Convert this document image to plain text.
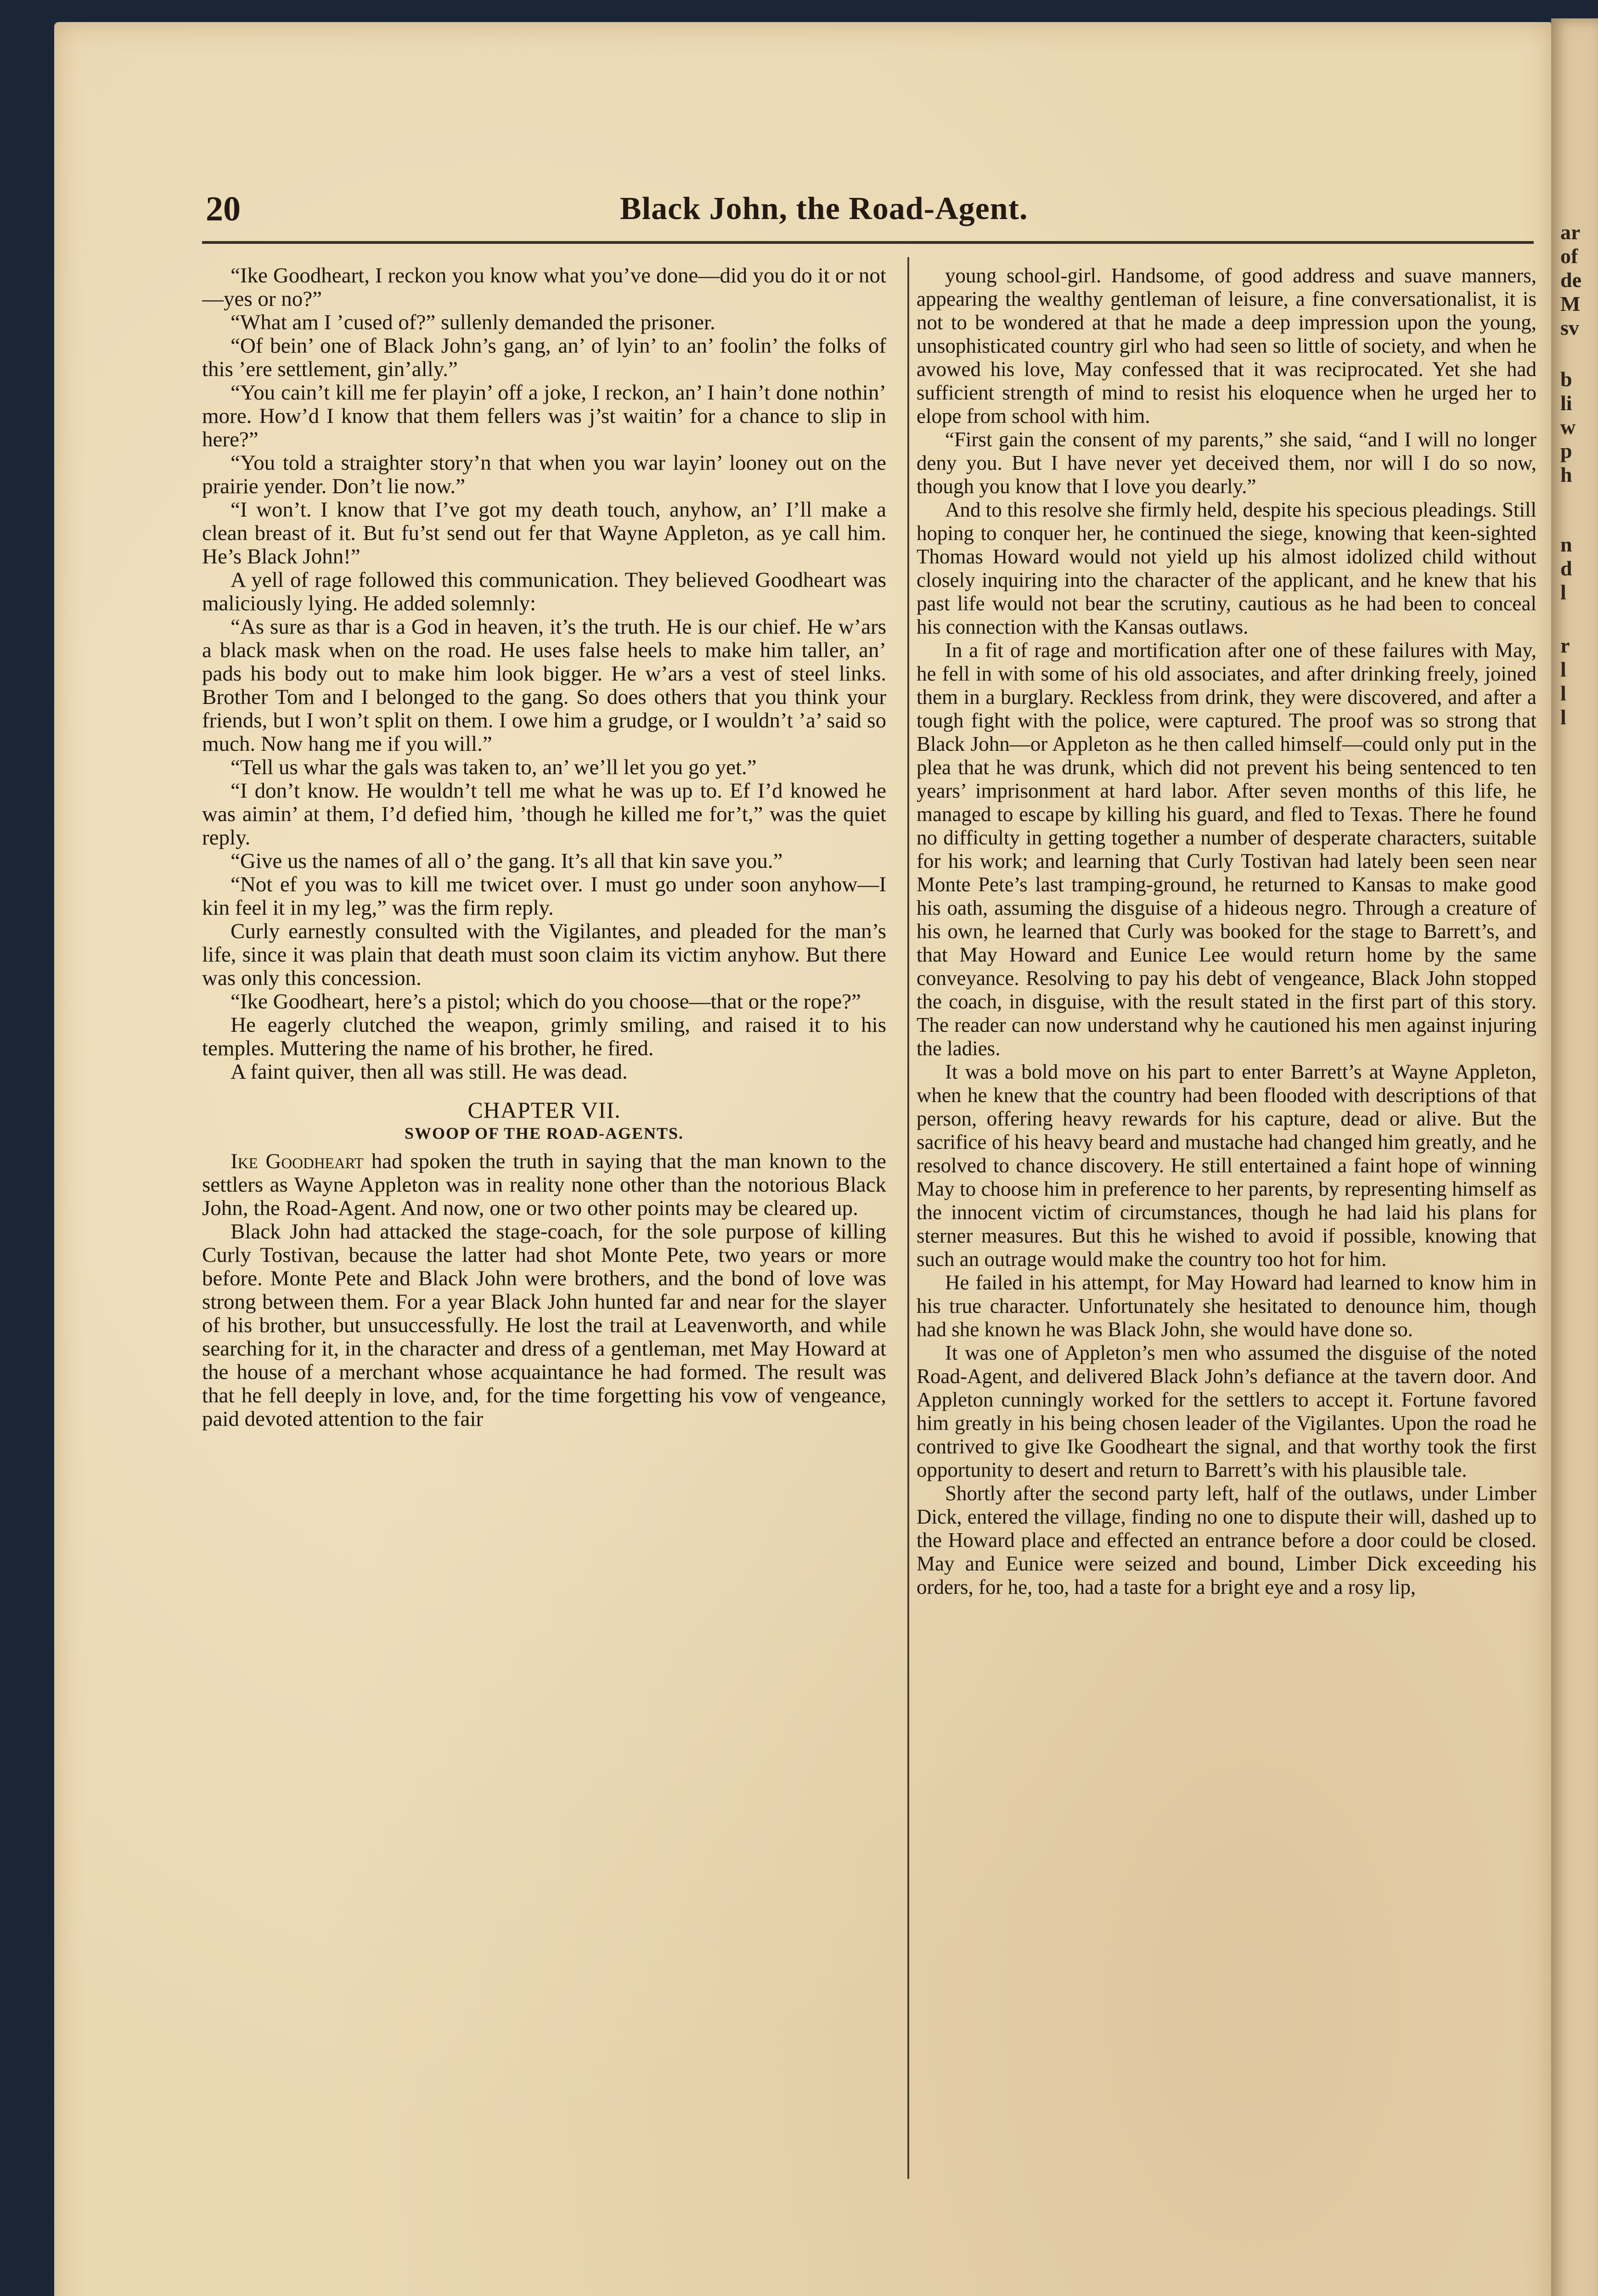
ar
of
de
M
sv
b
li
w
p
h
n
d
l
r
l
l
l
20	Black John, the Road-Agent.

“Ike Goodheart, I reckon you know what you’ve done—did you do it or not—yes or no?”

“What am I ’cused of?” sullenly demanded the prisoner.

“Of bein’ one of Black John’s gang, an’ of lyin’ to an’ foolin’ the folks of this ’ere settlement, gin’ally.”

“You cain’t kill me fer playin’ off a joke, I reckon, an’ I hain’t done nothin’ more. How’d I know that them fellers was j’st waitin’ for a chance to slip in here?”

“You told a straighter story’n that when you war layin’ looney out on the prairie yender. Don’t lie now.”

“I won’t. I know that I’ve got my death touch, anyhow, an’ I’ll make a clean breast of it. But fu’st send out fer that Wayne Appleton, as ye call him. He’s Black John!”

A yell of rage followed this communication. They believed Goodheart was maliciously lying. He added solemnly:

“As sure as thar is a God in heaven, it’s the truth. He is our chief. He w’ars a black mask when on the road. He uses false heels to make him taller, an’ pads his body out to make him look bigger. He w’ars a vest of steel links. Brother Tom and I belonged to the gang. So does others that you think your friends, but I won’t split on them. I owe him a grudge, or I wouldn’t ’a’ said so much. Now hang me if you will.”

“Tell us whar the gals was taken to, an’ we’ll let you go yet.”

“I don’t know. He wouldn’t tell me what he was up to. Ef I’d knowed he was aimin’ at them, I’d defied him, ’though he killed me for’t,” was the quiet reply.

“Give us the names of all o’ the gang. It’s all that kin save you.”

“Not ef you was to kill me twicet over. I must go under soon anyhow—I kin feel it in my leg,” was the firm reply.

Curly earnestly consulted with the Vigilantes, and pleaded for the man’s life, since it was plain that death must soon claim its victim anyhow. But there was only this concession.

“Ike Goodheart, here’s a pistol; which do you choose—that or the rope?”

He eagerly clutched the weapon, grimly smiling, and raised it to his temples. Muttering the name of his brother, he fired.

A faint quiver, then all was still. He was dead.

CHAPTER VII.

SWOOP OF THE ROAD-AGENTS.

Ike Goodheart had spoken the truth in saying that the man known to the settlers as Wayne Appleton was in reality none other than the notorious Black John, the Road-Agent. And now, one or two other points may be cleared up.

Black John had attacked the stage-coach, for the sole purpose of killing Curly Tostivan, because the latter had shot Monte Pete, two years or more before. Monte Pete and Black John were brothers, and the bond of love was strong between them. For a year Black John hunted far and near for the slayer of his brother, but unsuccessfully. He lost the trail at Leavenworth, and while searching for it, in the character and dress of a gentleman, met May Howard at the house of a merchant whose acquaintance he had formed. The result was that he fell deeply in love, and, for the time forgetting his vow of vengeance, paid devoted attention to the fair

young school-girl. Handsome, of good address and suave manners, appearing the wealthy gentleman of leisure, a fine conversationalist, it is not to be wondered at that he made a deep impression upon the young, unsophisticated country girl who had seen so little of society, and when he avowed his love, May confessed that it was reciprocated. Yet she had sufficient strength of mind to resist his eloquence when he urged her to elope from school with him.

“First gain the consent of my parents,” she said, “and I will no longer deny you. But I have never yet deceived them, nor will I do so now, though you know that I love you dearly.”

And to this resolve she firmly held, despite his specious pleadings. Still hoping to conquer her, he continued the siege, knowing that keen-sighted Thomas Howard would not yield up his almost idolized child without closely inquiring into the character of the applicant, and he knew that his past life would not bear the scrutiny, cautious as he had been to conceal his connection with the Kansas outlaws.

In a fit of rage and mortification after one of these failures with May, he fell in with some of his old associates, and after drinking freely, joined them in a burglary. Reckless from drink, they were discovered, and after a tough fight with the police, were captured. The proof was so strong that Black John—or Appleton as he then called himself—could only put in the plea that he was drunk, which did not prevent his being sentenced to ten years’ imprisonment at hard labor. After seven months of this life, he managed to escape by killing his guard, and fled to Texas. There he found no difficulty in getting together a number of desperate characters, suitable for his work; and learning that Curly Tostivan had lately been seen near Monte Pete’s last tramping-ground, he returned to Kansas to make good his oath, assuming the disguise of a hideous negro. Through a creature of his own, he learned that Curly was booked for the stage to Barrett’s, and that May Howard and Eunice Lee would return home by the same conveyance. Resolving to pay his debt of vengeance, Black John stopped the coach, in disguise, with the result stated in the first part of this story. The reader can now understand why he cautioned his men against injuring the ladies.

It was a bold move on his part to enter Barrett’s at Wayne Appleton, when he knew that the country had been flooded with descriptions of that person, offering heavy rewards for his capture, dead or alive. But the sacrifice of his heavy beard and mustache had changed him greatly, and he resolved to chance discovery. He still entertained a faint hope of winning May to choose him in preference to her parents, by representing himself as the innocent victim of circumstances, though he had laid his plans for sterner measures. But this he wished to avoid if possible, knowing that such an outrage would make the country too hot for him.

He failed in his attempt, for May Howard had learned to know him in his true character. Unfortunately she hesitated to denounce him, though had she known he was Black John, she would have done so.

It was one of Appleton’s men who assumed the disguise of the noted Road-Agent, and delivered Black John’s defiance at the tavern door. And Appleton cunningly worked for the settlers to accept it. Fortune favored him greatly in his being chosen leader of the Vigilantes. Upon the road he contrived to give Ike Goodheart the signal, and that worthy took the first opportunity to desert and return to Barrett’s with his plausible tale.

Shortly after the second party left, half of the outlaws, under Limber Dick, entered the village, finding no one to dispute their will, dashed up to the Howard place and effected an entrance before a door could be closed. May and Eunice were seized and bound, Limber Dick exceeding his orders, for he, too, had a taste for a bright eye and a rosy lip,
